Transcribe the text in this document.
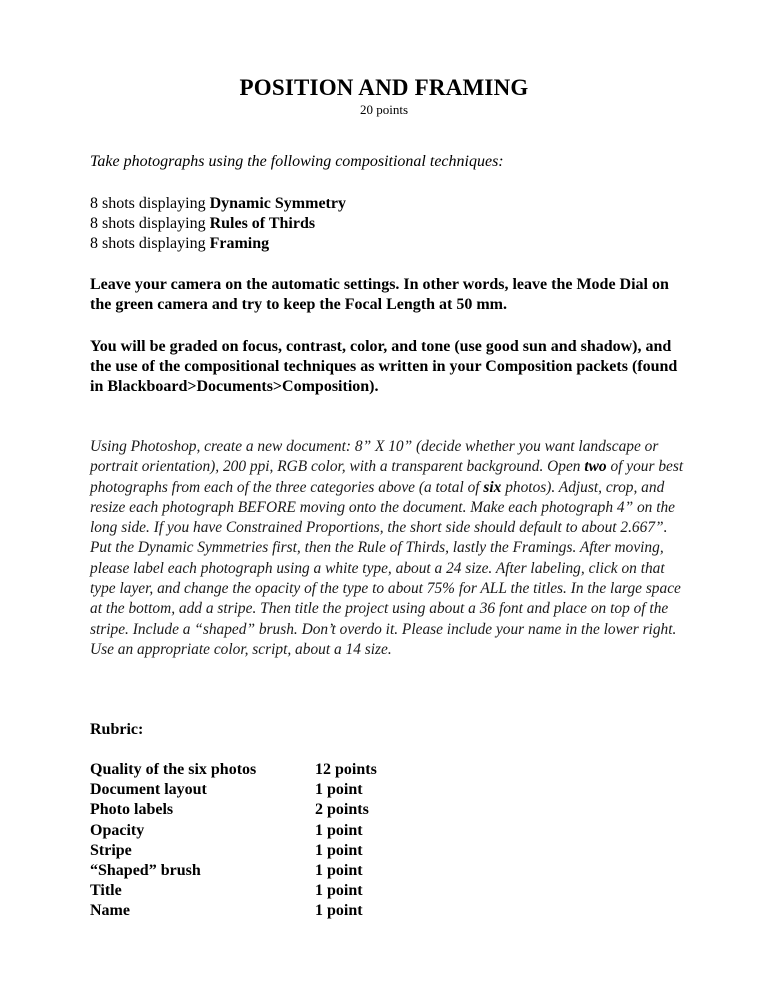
POSITION AND FRAMING
20 points
Take photographs using the following compositional techniques:
8 shots displaying Dynamic Symmetry
8 shots displaying Rules of Thirds
8 shots displaying Framing
Leave your camera on the automatic settings. In other words, leave the Mode Dial on the green camera and try to keep the Focal Length at 50 mm.
You will be graded on focus, contrast, color, and tone (use good sun and shadow), and the use of the compositional techniques as written in your Composition packets (found in Blackboard>Documents>Composition).
Using Photoshop, create a new document: 8” X 10” (decide whether you want landscape or portrait orientation), 200 ppi, RGB color, with a transparent background. Open two of your best photographs from each of the three categories above (a total of six photos). Adjust, crop, and resize each photograph BEFORE moving onto the document. Make each photograph 4” on the long side. If you have Constrained Proportions, the short side should default to about 2.667”. Put the Dynamic Symmetries first, then the Rule of Thirds, lastly the Framings. After moving, please label each photograph using a white type, about a 24 size. After labeling, click on that type layer, and change the opacity of the type to about 75% for ALL the titles. In the large space at the bottom, add a stripe. Then title the project using about a 36 font and place on top of the stripe. Include a “shaped” brush. Don’t overdo it. Please include your name in the lower right. Use an appropriate color, script, about a 14 size.
Rubric:
Quality of the six photos	12 points
Document layout	1 point
Photo labels	2 points
Opacity	1 point
Stripe	1 point
“Shaped” brush	1 point
Title	1 point
Name	1 point
